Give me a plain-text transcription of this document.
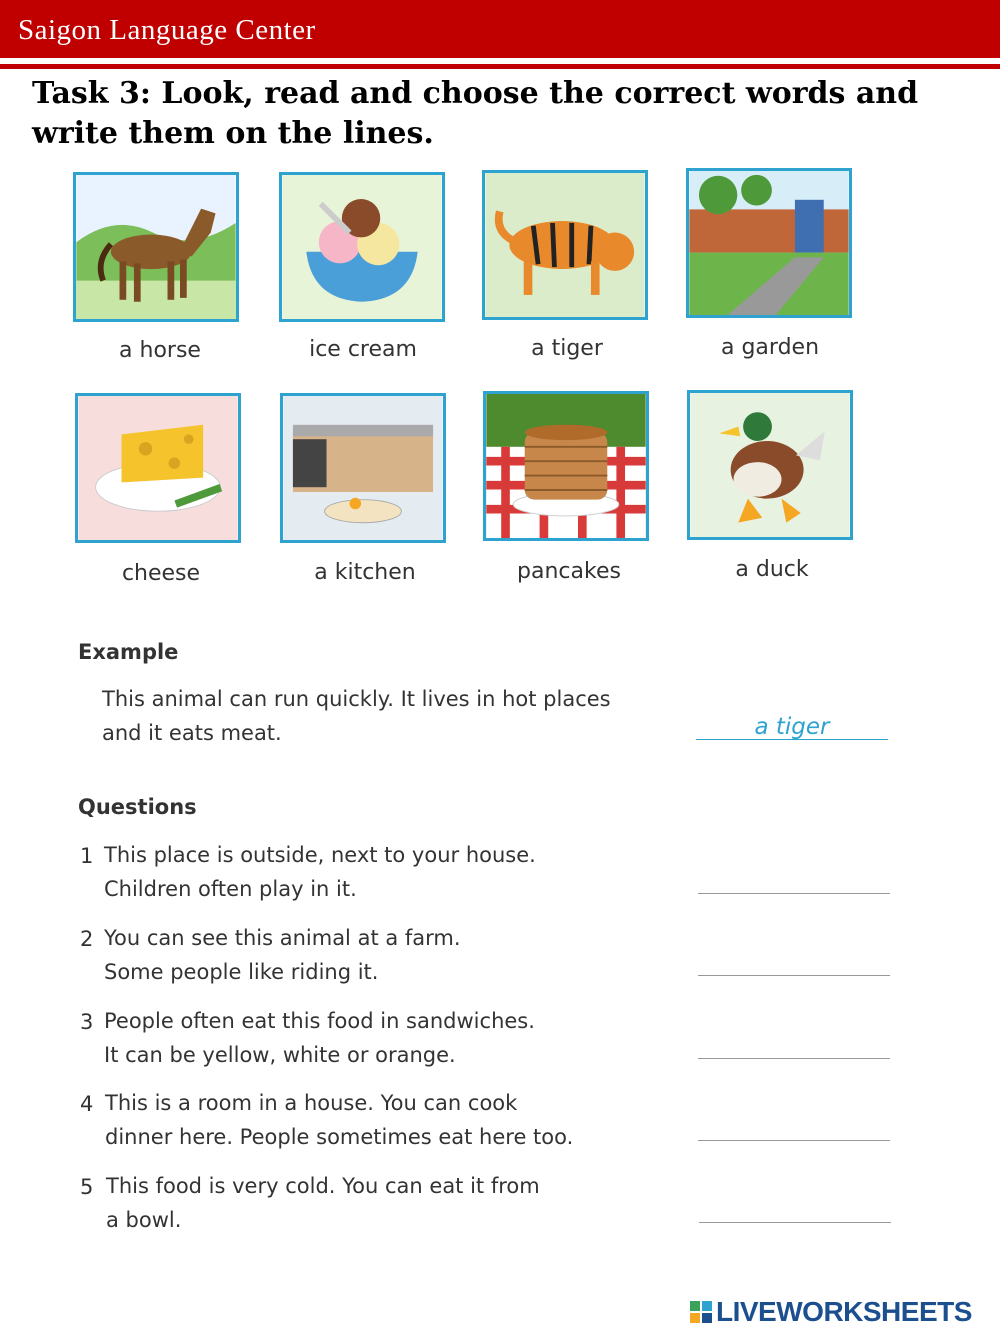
Saigon Language Center
Task 3: Look, read and choose the correct words and write them on the lines.
a horse	ice cream	a tiger	a garden
cheese	a kitchen	pancakes	a duck
Example
This animal can run quickly. It lives in hot places
and it eats meat.	a tiger
Questions
1 This place is outside, next to your house.
Children often play in it.
2 You can see this animal at a farm.
Some people like riding it.
3 People often eat this food in sandwiches.
It can be yellow, white or orange.
4 This is a room in a house. You can cook
dinner here. People sometimes eat here too.
5 This food is very cold. You can eat it from
a bowl.
LIVEWORKSHEETS
